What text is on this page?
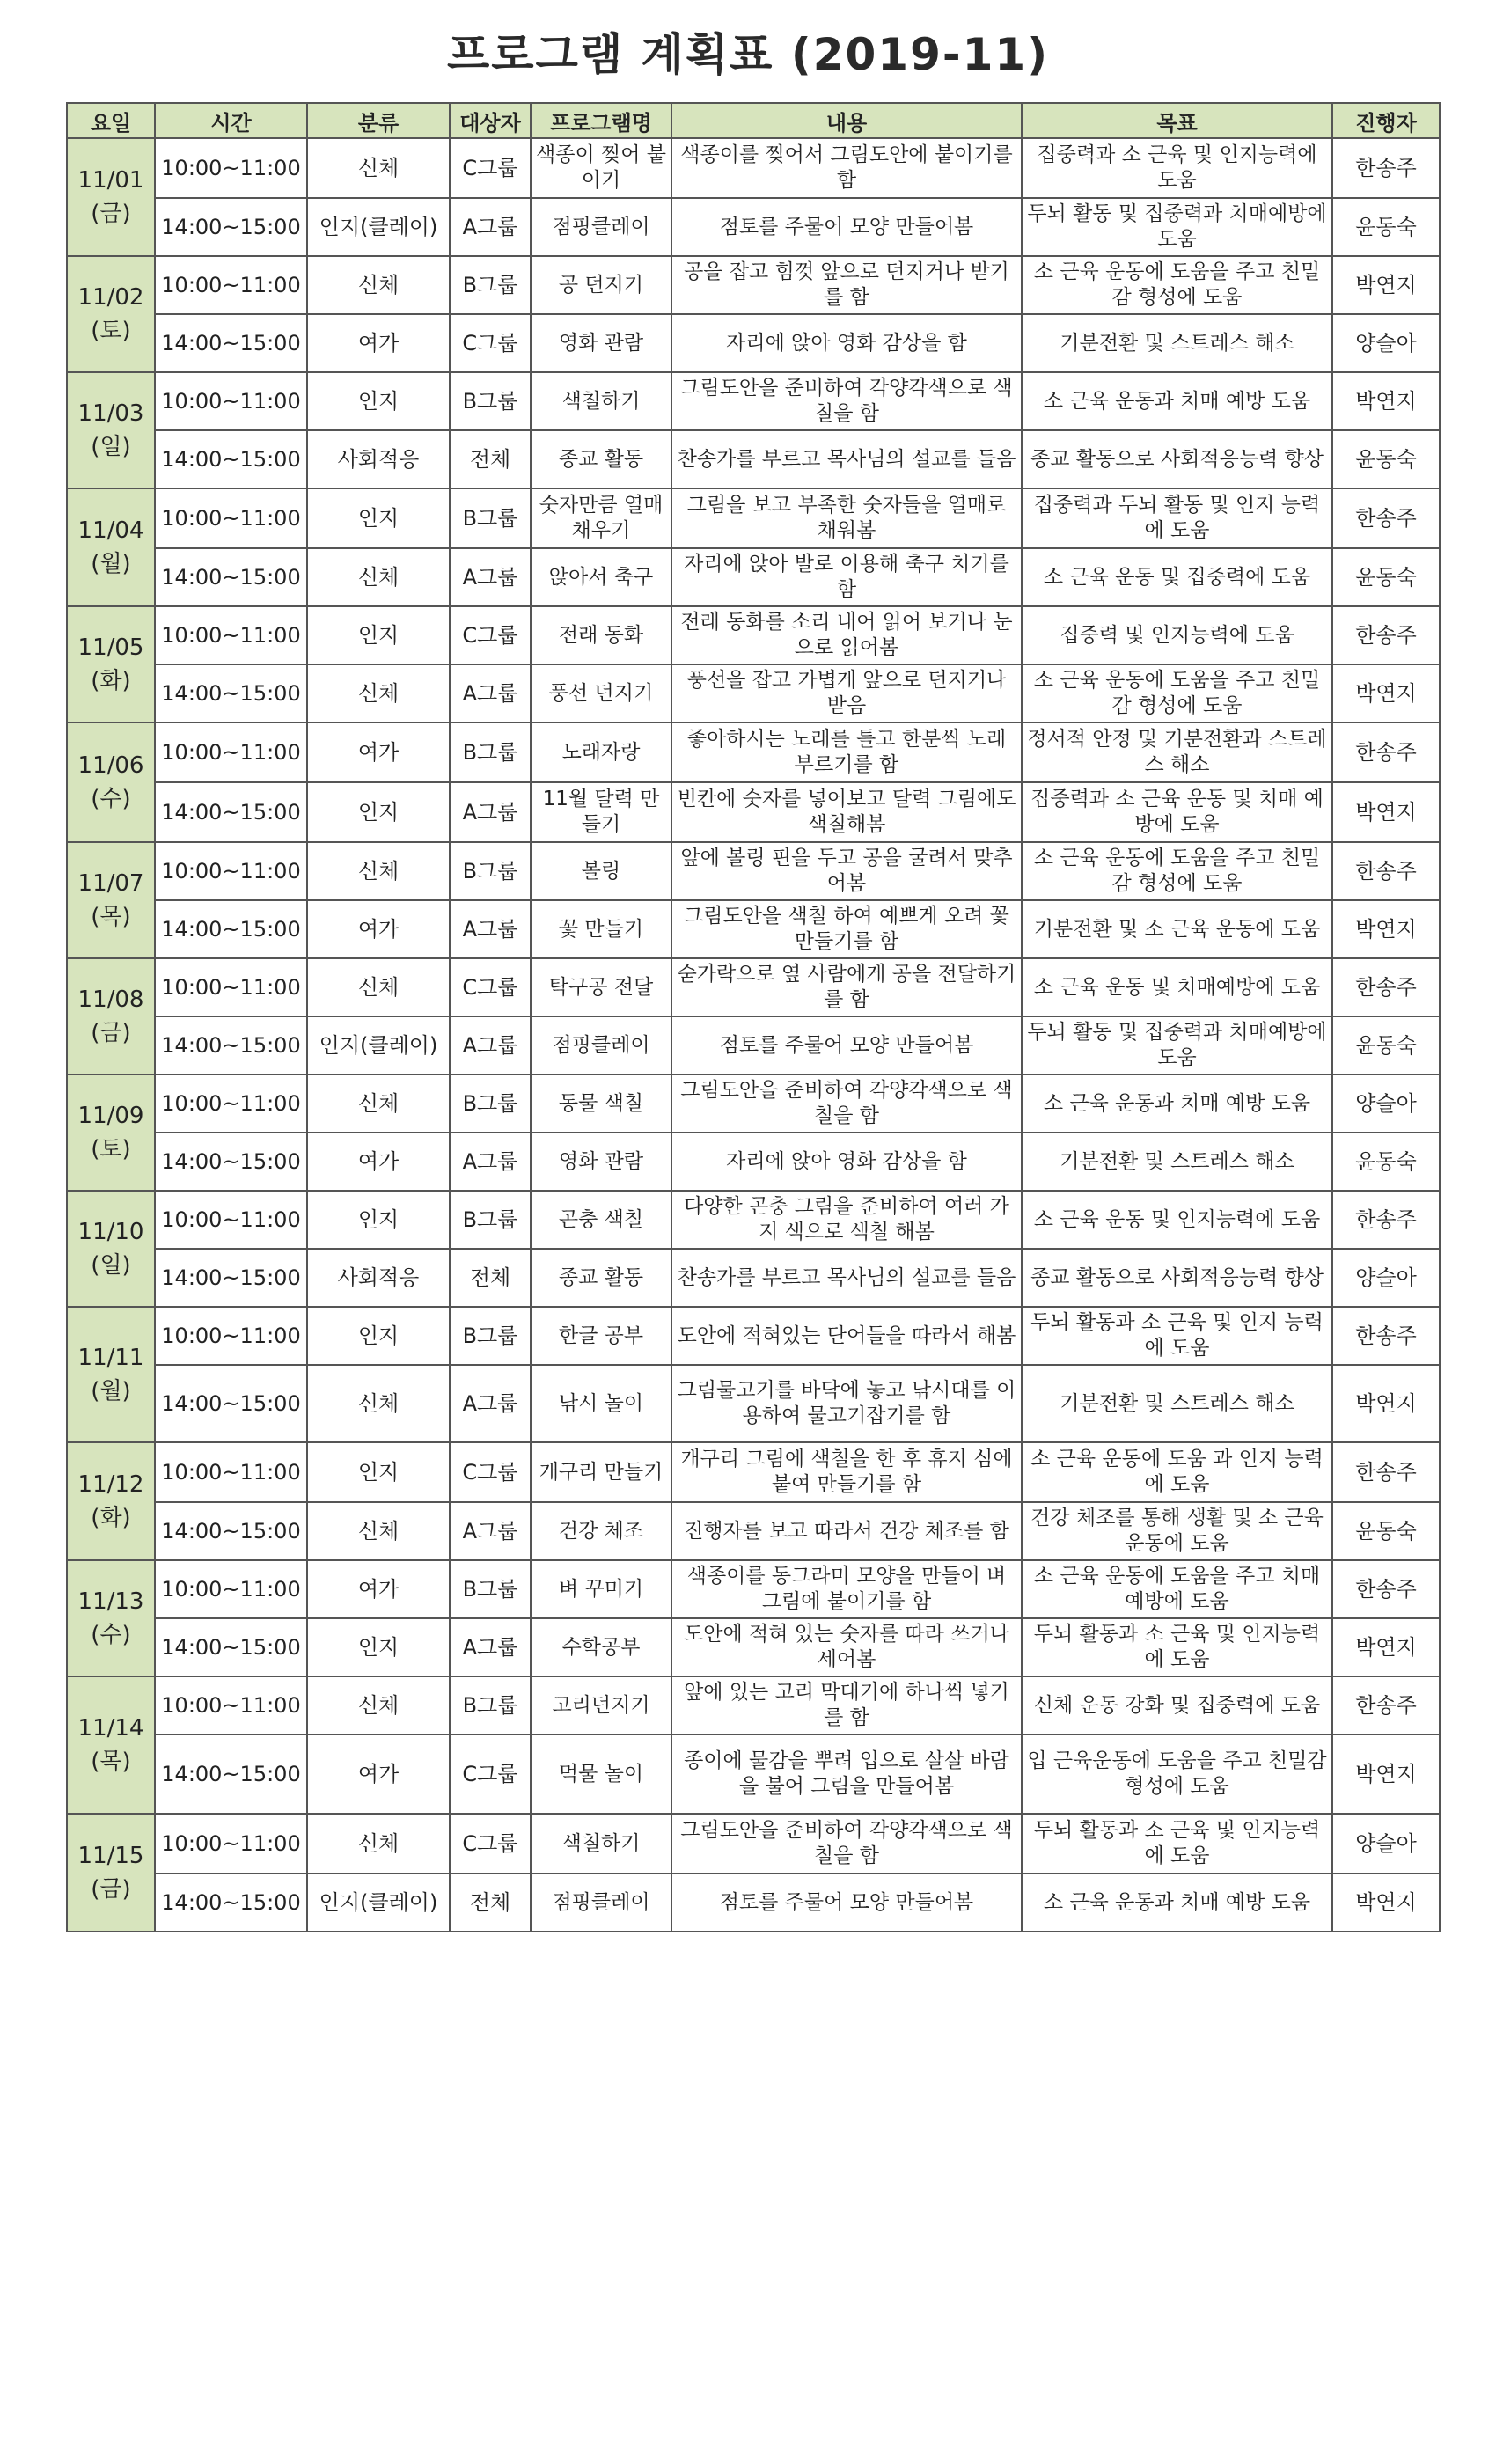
프로그램 계획표 (2019-11)
요일	시간	분류	대상자	프로그램명	내용	목표	진행자

11/01
(금)	10:00~11:00	신체	C그룹	색종이 찢어 붙이기	색종이를 찢어서 그림도안에 붙이기를 함	집중력과 소 근육 및 인지능력에 도움	한송주
	14:00~15:00	인지(클레이)	A그룹	점핑클레이	점토를 주물어 모양 만들어봄	두뇌 활동 및 집중력과 치매예방에 도움	윤동숙

11/02
(토)	10:00~11:00	신체	B그룹	공 던지기	공을 잡고 힘껏 앞으로 던지거나 받기를 함	소 근육 운동에 도움을 주고 친밀감 형성에 도움	박연지
	14:00~15:00	여가	C그룹	영화 관람	자리에 앉아 영화 감상을 함	기분전환 및 스트레스 해소	양슬아

11/03
(일)	10:00~11:00	인지	B그룹	색칠하기	그림도안을 준비하여 각양각색으로 색칠을 함	소 근육 운동과 치매 예방 도움	박연지
	14:00~15:00	사회적응	전체	종교 활동	찬송가를 부르고 목사님의 설교를 들음	종교 활동으로 사회적응능력 향상	윤동숙

11/04
(월)	10:00~11:00	인지	B그룹	숫자만큼 열매 채우기	그림을 보고 부족한 숫자들을 열매로 채워봄	집중력과 두뇌 활동 및 인지 능력에 도움	한송주
	14:00~15:00	신체	A그룹	앉아서 축구	자리에 앉아 발로 이용해 축구 치기를 함	소 근육 운동 및 집중력에 도움	윤동숙

11/05
(화)	10:00~11:00	인지	C그룹	전래 동화	전래 동화를 소리 내어 읽어 보거나 눈으로 읽어봄	집중력 및 인지능력에 도움	한송주
	14:00~15:00	신체	A그룹	풍선 던지기	풍선을 잡고 가볍게 앞으로 던지거나 받음	소 근육 운동에 도움을 주고 친밀감 형성에 도움	박연지

11/06
(수)	10:00~11:00	여가	B그룹	노래자랑	좋아하시는 노래를 틀고 한분씩 노래 부르기를 함	정서적 안정 및 기분전환과 스트레스 해소	한송주
	14:00~15:00	인지	A그룹	11월 달력 만들기	빈칸에 숫자를 넣어보고 달력 그림에도 색칠해봄	집중력과 소 근육 운동 및 치매 예방에 도움	박연지

11/07
(목)	10:00~11:00	신체	B그룹	볼링	앞에 볼링 핀을 두고 공을 굴려서 맞추어봄	소 근육 운동에 도움을 주고 친밀감 형성에 도움	한송주
	14:00~15:00	여가	A그룹	꽃 만들기	그림도안을 색칠 하여 예쁘게 오려 꽃 만들기를 함	기분전환 및 소 근육 운동에 도움	박연지

11/08
(금)	10:00~11:00	신체	C그룹	탁구공 전달	숟가락으로 옆 사람에게 공을 전달하기를 함	소 근육 운동 및 치매예방에 도움	한송주
	14:00~15:00	인지(클레이)	A그룹	점핑클레이	점토를 주물어 모양 만들어봄	두뇌 활동 및 집중력과 치매예방에 도움	윤동숙

11/09
(토)	10:00~11:00	신체	B그룹	동물 색칠	그림도안을 준비하여 각양각색으로 색칠을 함	소 근육 운동과 치매 예방 도움	양슬아
	14:00~15:00	여가	A그룹	영화 관람	자리에 앉아 영화 감상을 함	기분전환 및 스트레스 해소	윤동숙

11/10
(일)	10:00~11:00	인지	B그룹	곤충 색칠	다양한 곤충 그림을 준비하여 여러 가지 색으로 색칠 해봄	소 근육 운동 및 인지능력에 도움	한송주
	14:00~15:00	사회적응	전체	종교 활동	찬송가를 부르고 목사님의 설교를 들음	종교 활동으로 사회적응능력 향상	양슬아

11/11
(월)	10:00~11:00	인지	B그룹	한글 공부	도안에 적혀있는 단어들을 따라서 해봄	두뇌 활동과 소 근육 및 인지 능력에 도움	한송주
	14:00~15:00	신체	A그룹	낚시 놀이	그림물고기를 바닥에 놓고 낚시대를 이용하여 물고기잡기를 함	기분전환 및 스트레스 해소	박연지

11/12
(화)	10:00~11:00	인지	C그룹	개구리 만들기	개구리 그림에 색칠을 한 후 휴지 심에 붙여 만들기를 함	소 근육 운동에 도움 과 인지 능력에 도움	한송주
	14:00~15:00	신체	A그룹	건강 체조	진행자를 보고 따라서 건강 체조를 함	건강 체조를 통해 생활 및 소 근육 운동에 도움	윤동숙

11/13
(수)	10:00~11:00	여가	B그룹	벼 꾸미기	색종이를 동그라미 모양을 만들어 벼 그림에 붙이기를 함	소 근육 운동에 도움을 주고 치매예방에 도움	한송주
	14:00~15:00	인지	A그룹	수학공부	도안에 적혀 있는 숫자를 따라 쓰거나 세어봄	두뇌 활동과 소 근육 및 인지능력에 도움	박연지

11/14
(목)	10:00~11:00	신체	B그룹	고리던지기	앞에 있는 고리 막대기에 하나씩 넣기를 함	신체 운동 강화 및 집중력에 도움	한송주
	14:00~15:00	여가	C그룹	먹물 놀이	종이에 물감을 뿌려 입으로 살살 바람을 불어 그림을 만들어봄	입 근육운동에 도움을 주고 친밀감 형성에 도움	박연지

11/15
(금)	10:00~11:00	신체	C그룹	색칠하기	그림도안을 준비하여 각양각색으로 색칠을 함	두뇌 활동과 소 근육 및 인지능력에 도움	양슬아
	14:00~15:00	인지(클레이)	전체	점핑클레이	점토를 주물어 모양 만들어봄	소 근육 운동과 치매 예방 도움	박연지
